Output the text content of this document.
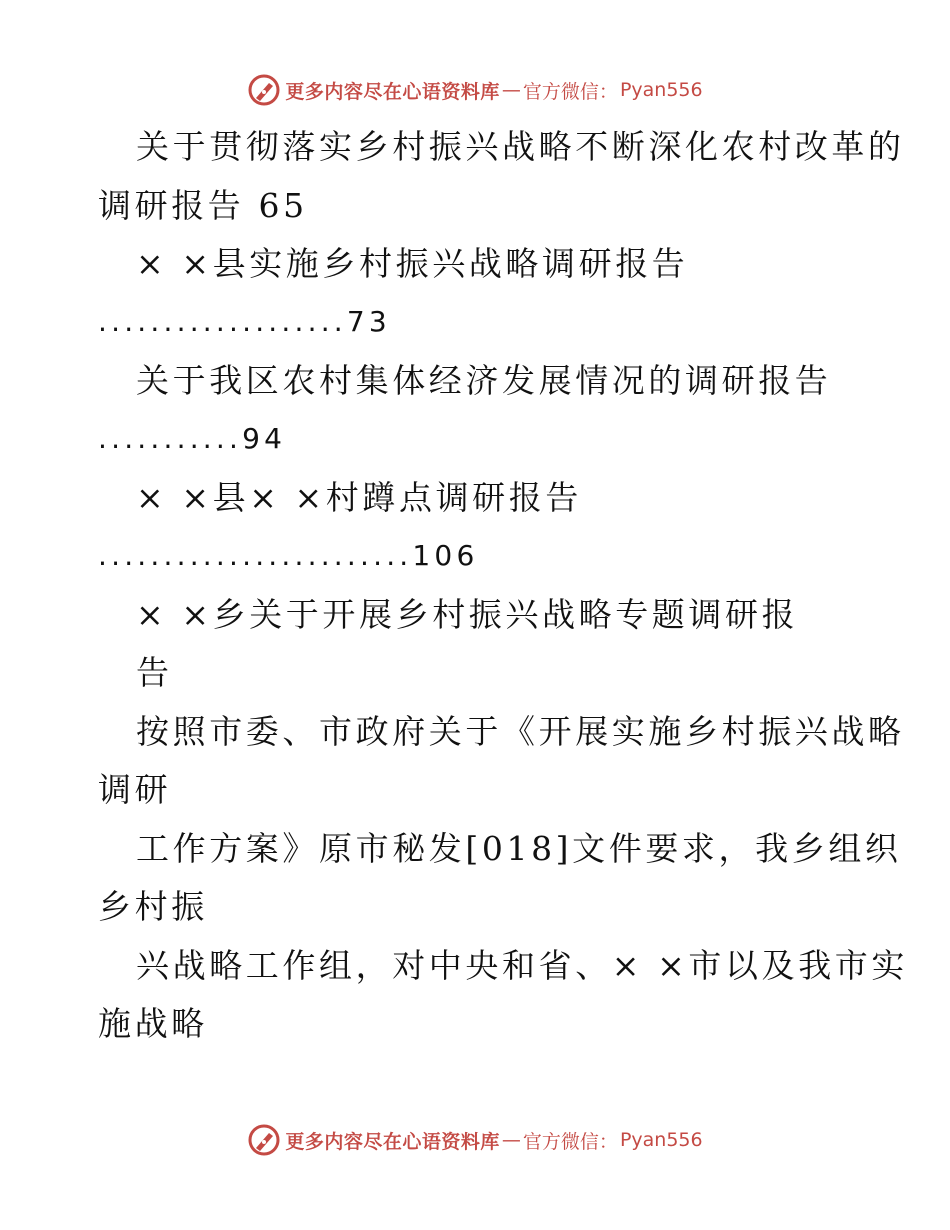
更多内容尽在心语资料库 — 官方微信： Pyan556
关于贯彻落实乡村振兴战略不断深化农村改革的
调研报告 65
× ×县实施乡村振兴战略调研报告
...................73
关于我区农村集体经济发展情况的调研报告
...........94
× ×县× ×村蹲点调研报告
........................106
× ×乡关于开展乡村振兴战略专题调研报
告
按照市委、市政府关于《开展实施乡村振兴战略
调研
工作方案》原市秘发[018]文件要求，我乡组织
乡村振
兴战略工作组，对中央和省、× ×市以及我市实
施战略
更多内容尽在心语资料库 — 官方微信： Pyan556
